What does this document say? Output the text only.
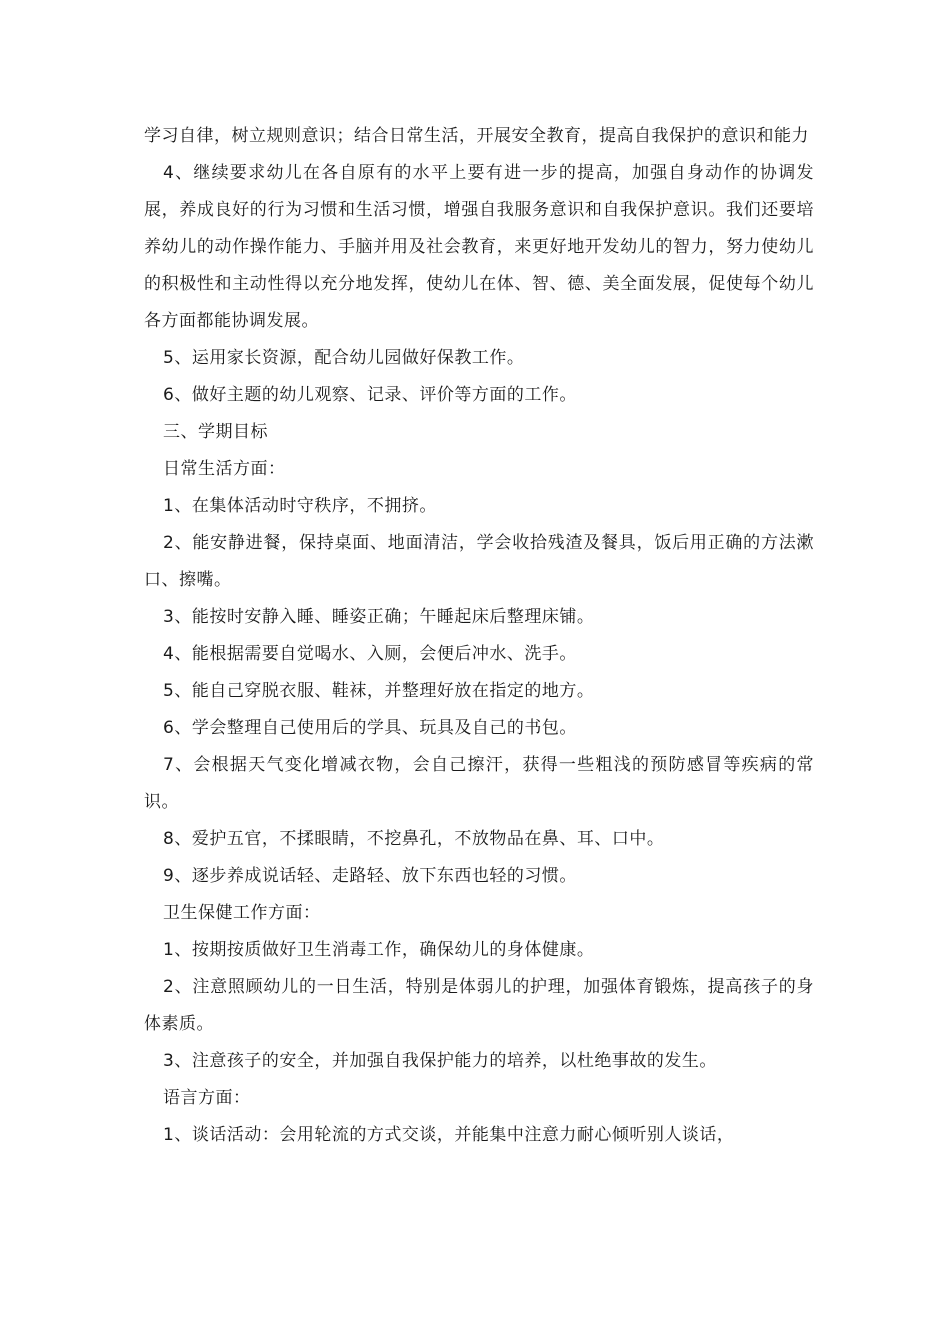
学习自律，树立规则意识；结合日常生活，开展安全教育，提高自我保护的意识和能力

4、继续要求幼儿在各自原有的水平上要有进一步的提高，加强自身动作的协调发展，养成良好的行为习惯和生活习惯，增强自我服务意识和自我保护意识。我们还要培养幼儿的动作操作能力、手脑并用及社会教育，来更好地开发幼儿的智力，努力使幼儿的积极性和主动性得以充分地发挥，使幼儿在体、智、德、美全面发展，促使每个幼儿各方面都能协调发展。

5、运用家长资源，配合幼儿园做好保教工作。

6、做好主题的幼儿观察、记录、评价等方面的工作。

三、学期目标

日常生活方面：

1、在集体活动时守秩序，不拥挤。

2、能安静进餐，保持桌面、地面清洁，学会收拾残渣及餐具，饭后用正确的方法漱口、擦嘴。

3、能按时安静入睡、睡姿正确；午睡起床后整理床铺。

4、能根据需要自觉喝水、入厕，会便后冲水、洗手。

5、能自己穿脱衣服、鞋袜，并整理好放在指定的地方。

6、学会整理自己使用后的学具、玩具及自己的书包。

7、会根据天气变化增减衣物，会自己擦汗，获得一些粗浅的预防感冒等疾病的常识。

8、爱护五官，不揉眼睛，不挖鼻孔，不放物品在鼻、耳、口中。

9、逐步养成说话轻、走路轻、放下东西也轻的习惯。

卫生保健工作方面：

1、按期按质做好卫生消毒工作，确保幼儿的身体健康。

2、注意照顾幼儿的一日生活，特别是体弱儿的护理，加强体育锻炼，提高孩子的身体素质。

3、注意孩子的安全，并加强自我保护能力的培养，以杜绝事故的发生。

语言方面：

1、谈话活动：会用轮流的方式交谈，并能集中注意力耐心倾听别人谈话，
